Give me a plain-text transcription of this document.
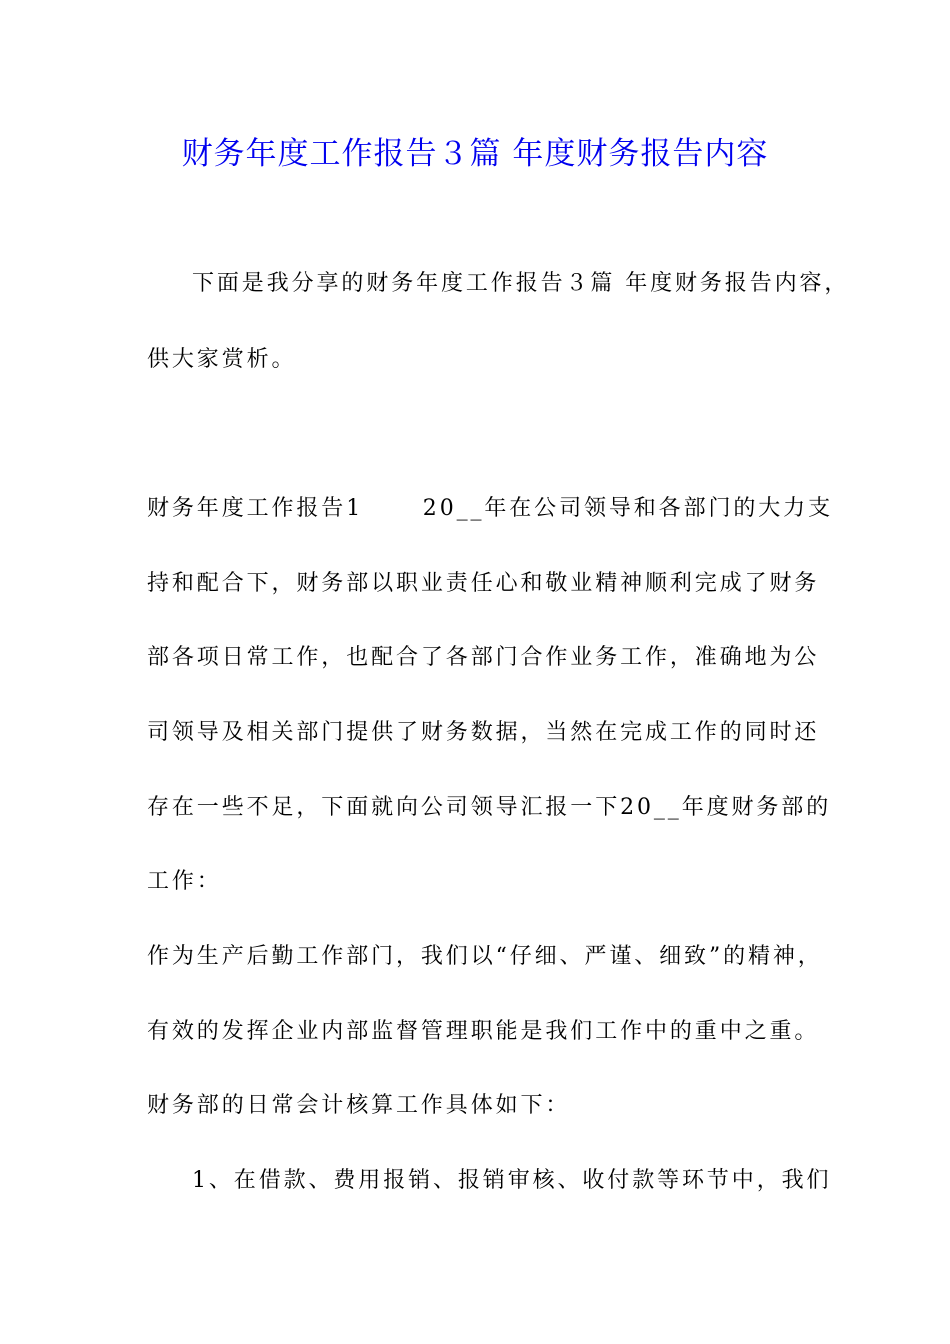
财务年度工作报告３篇 年度财务报告内容
下面是我分享的财务年度工作报告３篇 年度财务报告内容，
供大家赏析。
财务年度工作报告1　　 20__年在公司领导和各部门的大力支
持和配合下，财务部以职业责任心和敬业精神顺利完成了财务
部各项日常工作，也配合了各部门合作业务工作，准确地为公
司领导及相关部门提供了财务数据，当然在完成工作的同时还
存在一些不足，下面就向公司领导汇报一下20__年度财务部的
工作：
作为生产后勤工作部门，我们以“仔细、严谨、细致”的精神，
有效的发挥企业内部监督管理职能是我们工作中的重中之重。
财务部的日常会计核算工作具体如下：
1、在借款、费用报销、报销审核、收付款等环节中，我们
